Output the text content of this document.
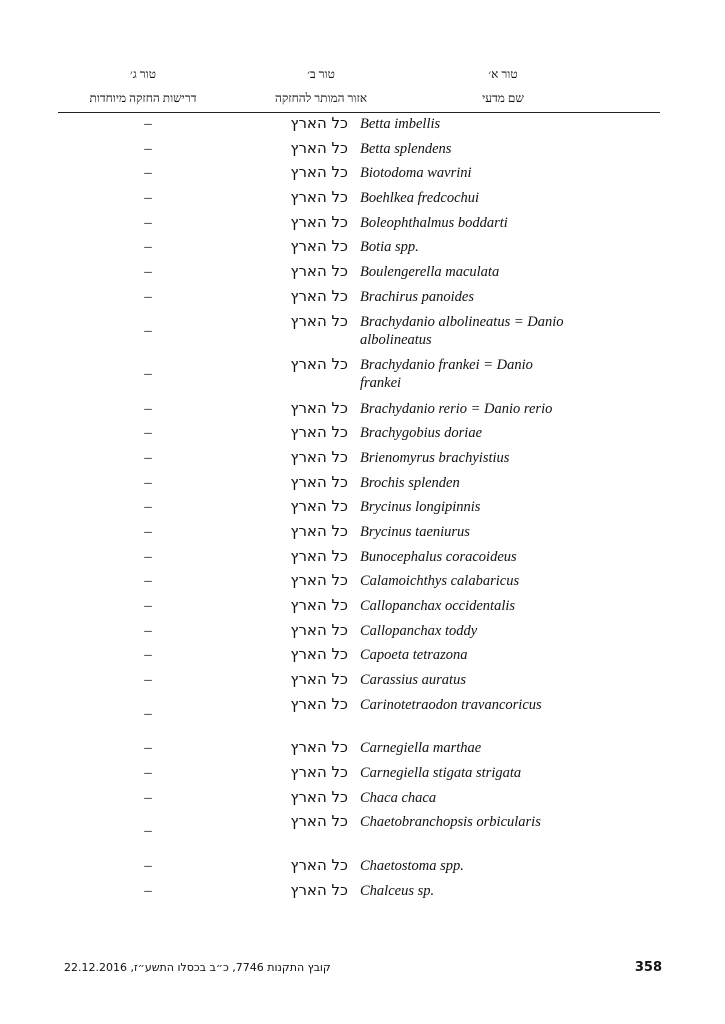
טור א׳
שם מדעי
טור ב׳
אזור המותר להחזקה
טור ג׳
דרישות החזקה מיוחדות
Betta imbellis
כל הארץ
–
Betta splendens
כל הארץ
–
Biotodoma wavrini
כל הארץ
–
Boehlkea fredcochui
כל הארץ
–
Boleophthalmus boddarti
כל הארץ
–
Botia spp.
כל הארץ
–
Boulengerella maculata
כל הארץ
–
Brachirus panoides
כל הארץ
–
Brachydanio albolineatus = Danio albolineatus
כל הארץ
–
Brachydanio frankei = Danio frankei
כל הארץ
–
Brachydanio rerio = Danio rerio
כל הארץ
–
Brachygobius doriae
כל הארץ
–
Brienomyrus brachyistius
כל הארץ
–
Brochis splenden
כל הארץ
–
Brycinus longipinnis
כל הארץ
–
Brycinus taeniurus
כל הארץ
–
Bunocephalus coracoideus
כל הארץ
–
Calamoichthys calabaricus
כל הארץ
–
Callopanchax occidentalis
כל הארץ
–
Callopanchax toddy
כל הארץ
–
Capoeta tetrazona
כל הארץ
–
Carassius auratus
כל הארץ
–
Carinotetraodon travancoricus
כל הארץ
–
Carnegiella marthae
כל הארץ
–
Carnegiella stigata strigata
כל הארץ
–
Chaca chaca
כל הארץ
–
Chaetobranchopsis orbicularis
כל הארץ
–
Chaetostoma spp.
כל הארץ
–
Chalceus sp.
כל הארץ
–
קובץ התקנות 7746, כ״ב בכסלו התשע״ז, 22.12.2016	358
